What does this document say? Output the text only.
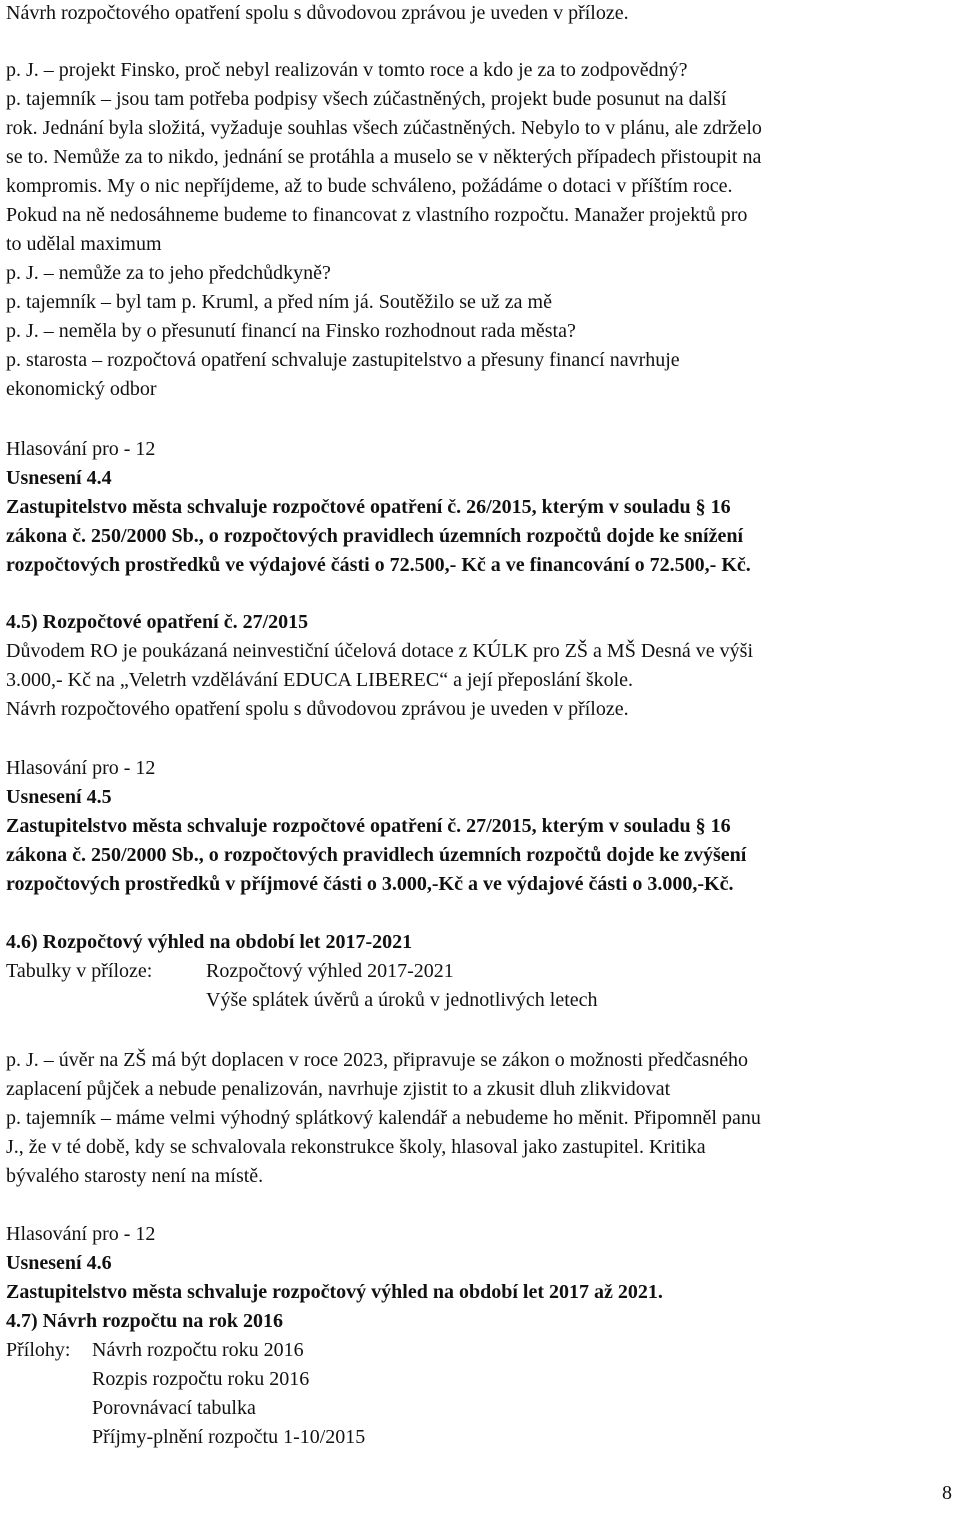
Návrh rozpočtového opatření spolu s důvodovou zprávou je uveden v příloze.
p. J. – projekt Finsko, proč nebyl realizován v tomto roce a kdo je za to zodpovědný?
p. tajemník – jsou tam potřeba podpisy všech zúčastněných, projekt bude posunut na další
rok. Jednání byla složitá, vyžaduje souhlas všech zúčastněných. Nebylo to v plánu, ale zdrželo
se to. Nemůže za to nikdo, jednání se protáhla a muselo se v některých případech přistoupit na
kompromis. My o nic nepříjdeme, až to bude schváleno, požádáme o dotaci v příštím roce.
Pokud na ně nedosáhneme budeme to financovat z vlastního rozpočtu. Manažer projektů pro
to udělal maximum
p. J. – nemůže za to jeho předchůdkyně?
p. tajemník – byl tam p. Kruml, a před ním já. Soutěžilo se už za mě
p. J. – neměla by o přesunutí financí na Finsko rozhodnout rada města?
p. starosta – rozpočtová opatření schvaluje zastupitelstvo a přesuny financí navrhuje
ekonomický odbor
Hlasování pro - 12
Usnesení 4.4
Zastupitelstvo města schvaluje rozpočtové opatření č. 26/2015, kterým v souladu § 16
zákona č. 250/2000 Sb., o rozpočtových pravidlech územních rozpočtů dojde ke snížení
rozpočtových prostředků ve výdajové části o 72.500,- Kč a ve financování o 72.500,- Kč.
4.5) Rozpočtové opatření č. 27/2015
Důvodem RO je poukázaná neinvestiční účelová dotace z KÚLK pro ZŠ a MŠ Desná ve výši
3.000,- Kč na „Veletrh vzdělávání EDUCA LIBEREC“ a její přeposlání škole.
Návrh rozpočtového opatření spolu s důvodovou zprávou je uveden v příloze.
Hlasování pro - 12
Usnesení 4.5
Zastupitelstvo města schvaluje rozpočtové opatření č. 27/2015, kterým v souladu § 16
zákona č. 250/2000 Sb., o rozpočtových pravidlech územních rozpočtů dojde ke zvýšení
rozpočtových prostředků v příjmové části o 3.000,-Kč a ve výdajové části o 3.000,-Kč.
4.6) Rozpočtový výhled na období let 2017-2021
Tabulky v příloze:	Rozpočtový výhled 2017-2021
Výše splátek úvěrů a úroků v jednotlivých letech
p. J. – úvěr na ZŠ má být doplacen v roce 2023, připravuje se zákon o možnosti předčasného
zaplacení půjček a nebude penalizován, navrhuje zjistit to a zkusit dluh zlikvidovat
p. tajemník – máme velmi výhodný splátkový kalendář a nebudeme ho měnit. Připomněl panu
J., že v té době, kdy se schvalovala rekonstrukce školy, hlasoval jako zastupitel. Kritika
bývalého starosty není na místě.
Hlasování pro - 12
Usnesení 4.6
Zastupitelstvo města schvaluje rozpočtový výhled na období let 2017 až 2021.
4.7) Návrh rozpočtu na rok 2016
Přílohy: Návrh rozpočtu roku 2016
Rozpis rozpočtu roku 2016
Porovnávací tabulka
Příjmy-plnění rozpočtu 1-10/2015
8
